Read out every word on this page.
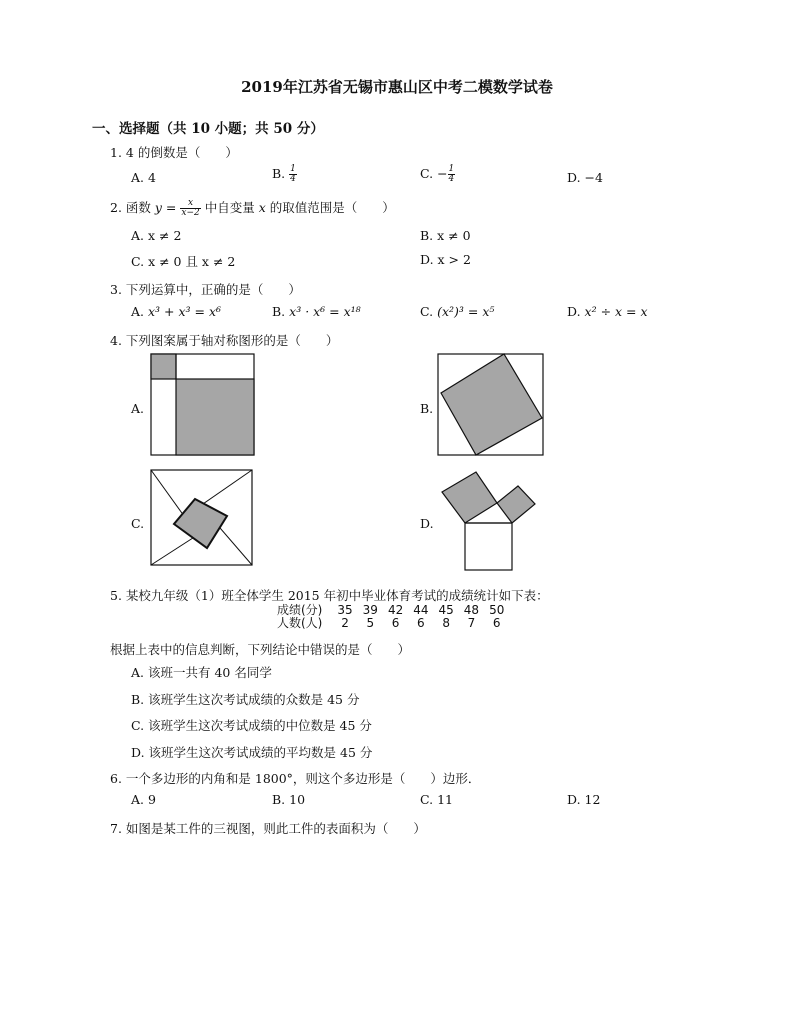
2019年江苏省无锡市惠山区中考二模数学试卷
一、选择题（共 10 小题；共 50 分）
1. 4 的倒数是（　　）
A. 4	B. $\frac{1}{4}$	C. − $\frac{1}{4}$	D. −4
2. 函数 $y = \frac{x}{x-2}$ 中自变量 x 的取值范围是（　　）
A. x ≠ 2	B. x ≠ 0
C. x ≠ 0 且 x ≠ 2	D. x > 2
3. 下列运算中，正确的是（　　）
A. x³ + x³ = x⁶	B. x³ · x⁶ = x¹⁸	C. (x²)³ = x⁵	D. x² ÷ x = x
4. 下列图案属于轴对称图形的是（　　）
A.	B.
C.	D.
5. 某校九年级（1）班全体学生 2015 年初中毕业体育考试的成绩统计如下表：
成绩(分)	35	39	42	44	45	48	50
人数(人)	2	5	6	6	8	7	6
根据上表中的信息判断，下列结论中错误的是（　　）
A. 该班一共有 40 名同学
B. 该班学生这次考试成绩的众数是 45 分
C. 该班学生这次考试成绩的中位数是 45 分
D. 该班学生这次考试成绩的平均数是 45 分
6. 一个多边形的内角和是 1800°，则这个多边形是（　　）边形．
A. 9	B. 10	C. 11	D. 12
7. 如图是某工件的三视图，则此工件的表面积为（　　）
